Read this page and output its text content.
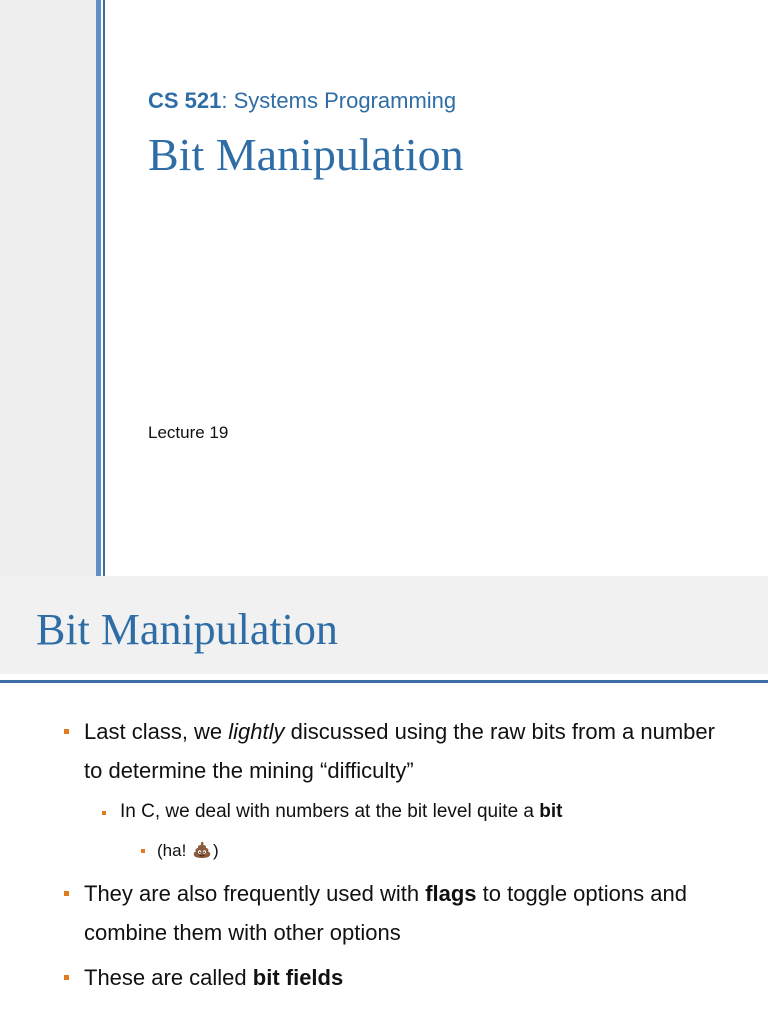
CS 521: Systems Programming
Bit Manipulation
Lecture 19
Bit Manipulation
Last class, we lightly discussed using the raw bits from a number to determine the mining “difficulty”
In C, we deal with numbers at the bit level quite a bit
(ha! )
They are also frequently used with flags to toggle options and combine them with other options
These are called bit fields
